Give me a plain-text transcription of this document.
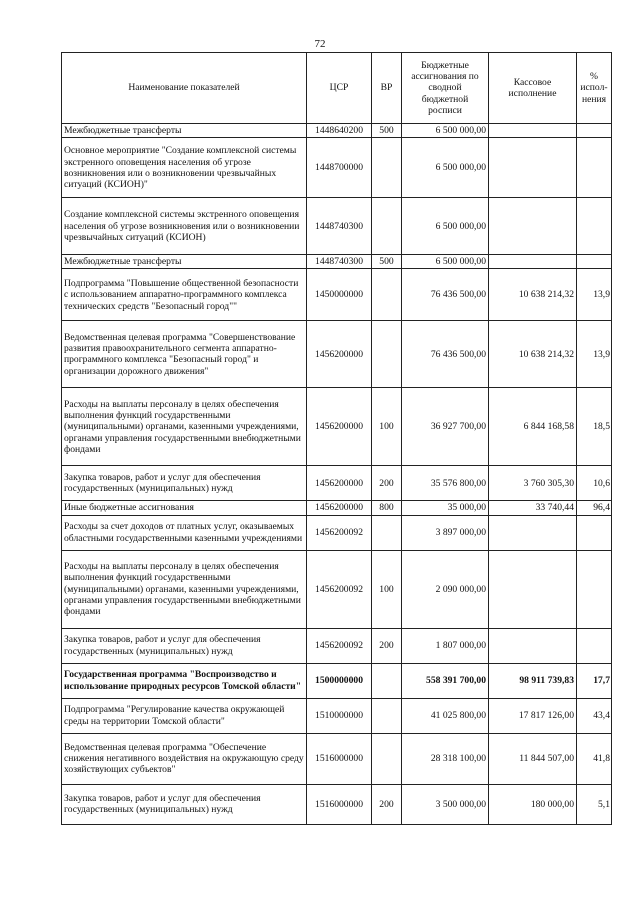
72
Наименование показателей	ЦСР	ВР	Бюджетные ассигнования по сводной бюджетной росписи	Кассовое исполнение	% испол-нения
Межбюджетные трансферты	1448640200	500	6 500 000,00		
Основное мероприятие "Создание комплексной системы экстренного оповещения населения об угрозе возникновения или о возникновении чрезвычайных ситуаций (КСИОН)"	1448700000		6 500 000,00		
Создание комплексной системы экстренного оповещения населения об угрозе возникновения или о возникновении чрезвычайных ситуаций (КСИОН)	1448740300		6 500 000,00		
Межбюджетные трансферты	1448740300	500	6 500 000,00		
Подпрограмма "Повышение общественной безопасности с использованием аппаратно-программного комплекса технических средств "Безопасный город""	1450000000		76 436 500,00	10 638 214,32	13,9
Ведомственная целевая программа "Совершенствование развития правоохранительного сегмента аппаратно-программного комплекса "Безопасный город" и организации дорожного движения"	1456200000		76 436 500,00	10 638 214,32	13,9
Расходы на выплаты персоналу в целях обеспечения выполнения функций государственными (муниципальными) органами, казенными учреждениями, органами управления государственными внебюджетными фондами	1456200000	100	36 927 700,00	6 844 168,58	18,5
Закупка товаров, работ и услуг для обеспечения государственных (муниципальных) нужд	1456200000	200	35 576 800,00	3 760 305,30	10,6
Иные бюджетные ассигнования	1456200000	800	35 000,00	33 740,44	96,4
Расходы за счет доходов от платных услуг, оказываемых областными государственными казенными учреждениями	1456200092		3 897 000,00		
Расходы на выплаты персоналу в целях обеспечения выполнения функций государственными (муниципальными) органами, казенными учреждениями, органами управления государственными внебюджетными фондами	1456200092	100	2 090 000,00		
Закупка товаров, работ и услуг для обеспечения государственных (муниципальных) нужд	1456200092	200	1 807 000,00		
Государственная программа "Воспроизводство и использование природных ресурсов Томской области"	1500000000		558 391 700,00	98 911 739,83	17,7
Подпрограмма "Регулирование качества окружающей среды на территории Томской области"	1510000000		41 025 800,00	17 817 126,00	43,4
Ведомственная целевая программа "Обеспечение снижения негативного воздействия на окружающую среду хозяйствующих субъектов"	1516000000		28 318 100,00	11 844 507,00	41,8
Закупка товаров, работ и услуг для обеспечения государственных (муниципальных) нужд	1516000000	200	3 500 000,00	180 000,00	5,1
